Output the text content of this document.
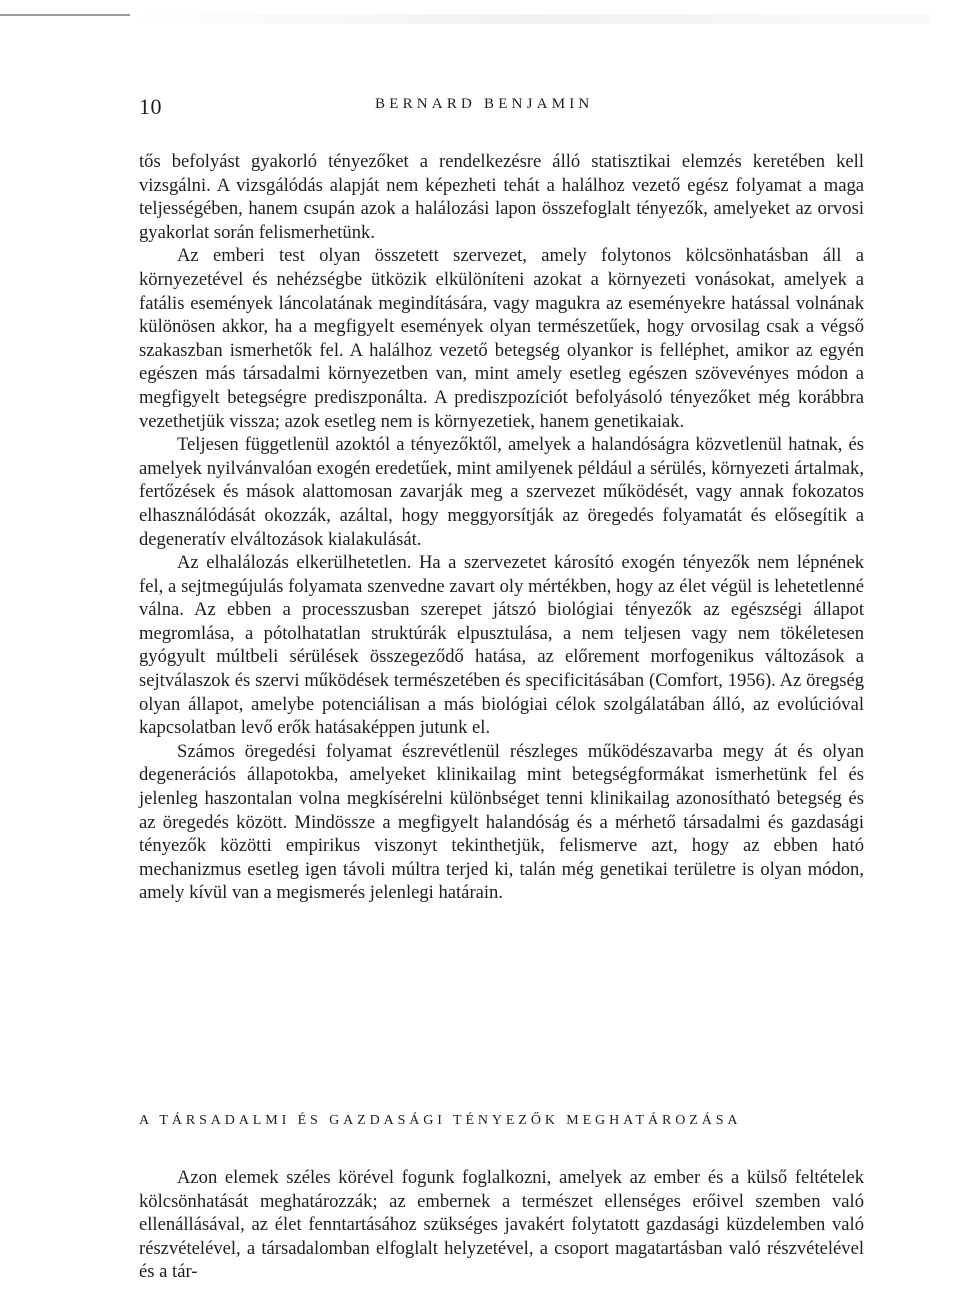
10	BERNARD BENJAMIN

tős befolyást gyakorló tényezőket a rendelkezésre álló statisztikai elemzés keretében kell vizsgálni. A vizsgálódás alapját nem képezheti tehát a halálhoz vezető egész folyamat a maga teljességében, hanem csupán azok a halálozási lapon összefoglalt tényezők, amelyeket az orvosi gyakorlat során felismerhetünk.

Az emberi test olyan összetett szervezet, amely folytonos kölcsönhatásban áll a környezetével és nehézségbe ütközik elkülöníteni azokat a környezeti vonásokat, amelyek a fatális események láncolatának megindítására, vagy magukra az eseményekre hatással volnának különösen akkor, ha a megfigyelt események olyan természetűek, hogy orvosilag csak a végső szakaszban ismerhetők fel. A halálhoz vezető betegség olyankor is felléphet, amikor az egyén egészen más társadalmi környezetben van, mint amely esetleg egészen szövevényes módon a megfigyelt betegségre prediszponálta. A prediszpozíciót befolyásoló tényezőket még korábbra vezethetjük vissza; azok esetleg nem is környezetiek, hanem genetikaiak.

Teljesen függetlenül azoktól a tényezőktől, amelyek a halandóságra közvetlenül hatnak, és amelyek nyilvánvalóan exogén eredetűek, mint amilyenek például a sérülés, környezeti ártalmak, fertőzések és mások alattomosan zavarják meg a szervezet működését, vagy annak fokozatos elhasználódását okozzák, azáltal, hogy meggyorsítják az öregedés folyamatát és elősegítik a degeneratív elváltozások kialakulását.

Az elhalálozás elkerülhetetlen. Ha a szervezetet károsító exogén tényezők nem lépnének fel, a sejtmegújulás folyamata szenvedne zavart oly mértékben, hogy az élet végül is lehetetlenné válna. Az ebben a processzusban szerepet játszó biológiai tényezők az egészségi állapot megromlása, a pótolhatatlan struktúrák elpusztulása, a nem teljesen vagy nem tökéletesen gyógyult múltbeli sérülések összegeződő hatása, az előrement morfogenikus változások a sejtválaszok és szervi működések természetében és specificitásában (Comfort, 1956). Az öregség olyan állapot, amelybe potenciálisan a más biológiai célok szolgálatában álló, az evolúcióval kapcsolatban levő erők hatásaképpen jutunk el.

Számos öregedési folyamat észrevétlenül részleges működészavarba megy át és olyan degenerációs állapotokba, amelyeket klinikailag mint betegségformákat ismerhetünk fel és jelenleg haszontalan volna megkísérelni különbséget tenni klinikailag azonosítható betegség és az öregedés között. Mindössze a megfigyelt halandóság és a mérhető társadalmi és gazdasági tényezők közötti empirikus viszonyt tekinthetjük, felismerve azt, hogy az ebben ható mechanizmus esetleg igen távoli múltra terjed ki, talán még genetikai területre is olyan módon, amely kívül van a megismerés jelenlegi határain.

A TÁRSADALMI ÉS GAZDASÁGI TÉNYEZŐK MEGHATÁROZÁSA

Azon elemek széles körével fogunk foglalkozni, amelyek az ember és a külső feltételek kölcsönhatását meghatározzák; az embernek a természet ellenséges erőivel szemben való ellenállásával, az élet fenntartásához szükséges javakért folytatott gazdasági küzdelemben való részvételével, a társadalomban elfoglalt helyzetével, a csoport magatartásban való részvételével és a tár-
